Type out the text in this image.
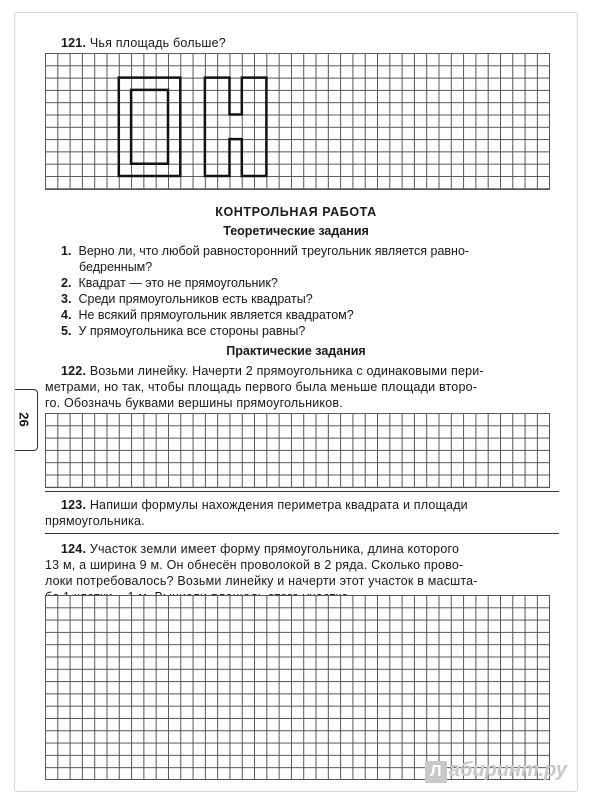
121. Чья площадь больше?
КОНТРОЛЬНАЯ РАБОТА
Теоретические задания
1. Верно ли, что любой равносторонний треугольник является равно-
бедренным?
2. Квадрат — это не прямоугольник?
3. Среди прямоугольников есть квадраты?
4. Не всякий прямоугольник является квадратом?
5. У прямоугольника все стороны равны?
Практические задания
122. Возьми линейку. Начерти 2 прямоугольника с одинаковыми пери-
метрами, но так, чтобы площадь первого была меньше площади второ-
го. Обозначь буквами вершины прямоугольников.
123. Напиши формулы нахождения периметра квадрата и площади
прямоугольника.
124. Участок земли имеет форму прямоугольника, длина которого
13 м, а ширина 9 м. Он обнесён проволокой в 2 ряда. Сколько прово-
локи потребовалось? Возьми линейку и начерти этот участок в масшта-
26
Л абиринт.ру
